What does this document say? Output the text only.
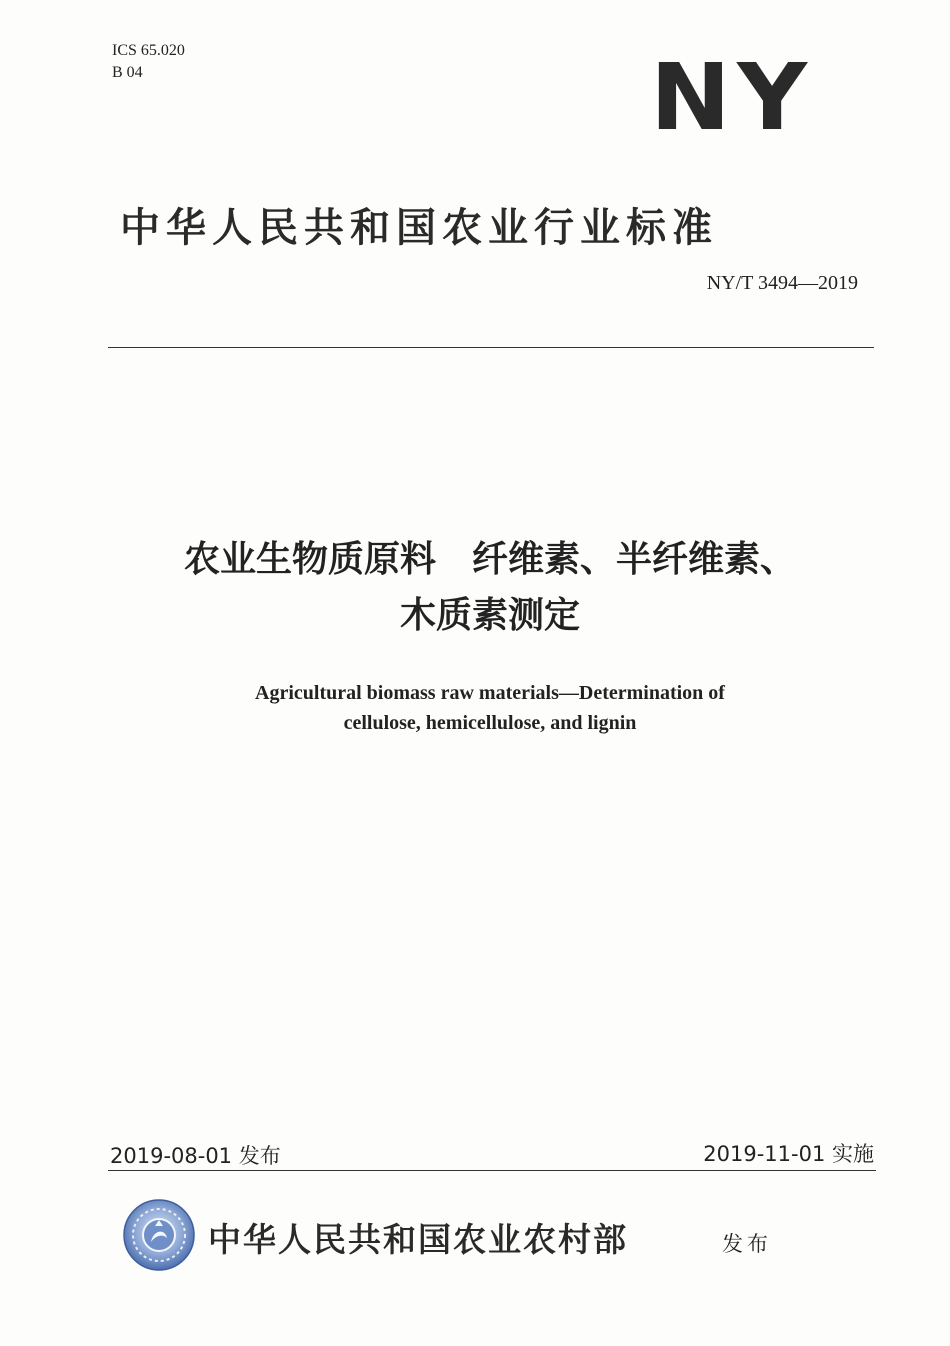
ICS 65.020
B 04	NY
中华人民共和国农业行业标准
NY/T 3494—2019
农业生物质原料 纤维素、半纤维素、
木质素测定
Agricultural biomass raw materials—Determination of
cellulose, hemicellulose, and lignin
2019-08-01 发布	2019-11-01 实施
中华人民共和国农业农村部	发布
